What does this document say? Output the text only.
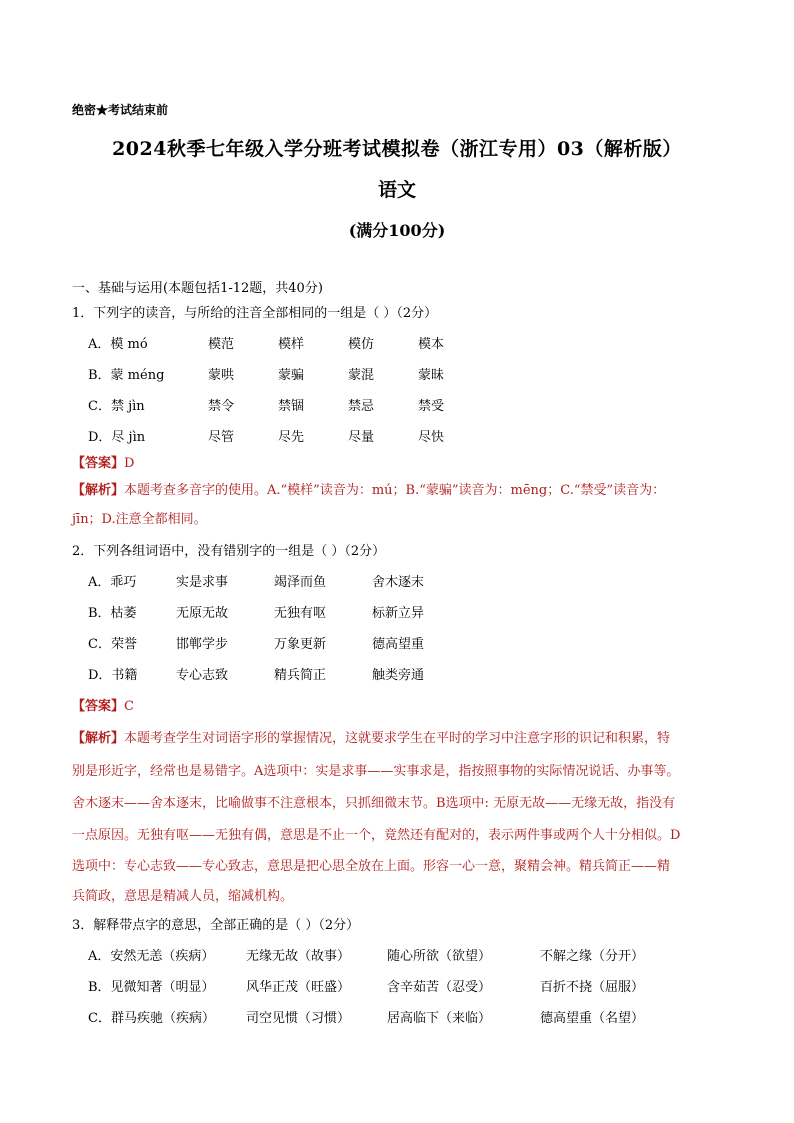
绝密★考试结束前
2024秋季七年级入学分班考试模拟卷（浙江专用）03（解析版）
语文
(满分100分)
一、基础与运用(本题包括1-12题，共40分)
1．下列字的读音，与所给的注音全部相同的一组是（ ）（2分）
A．模 mó	模范	模样	模仿	模本
B．蒙 méng	蒙哄	蒙骗	蒙混	蒙昧
C．禁 jìn	禁令	禁锢	禁忌	禁受
D．尽 jìn	尽管	尽先	尽量	尽快
【答案】D
【解析】本题考查多音字的使用。A.“模样”读音为：mú；B.“蒙骗”读音为：mēng；C.“禁受”读音为：
jīn；D.注意全都相同。
2．下列各组词语中，没有错别字的一组是（ ）（2分）
A．乖巧	实是求事	竭泽而鱼	舍木逐末
B．枯萎	无原无故	无独有呕	标新立异
C．荣誉	邯郸学步	万象更新	德高望重
D．书籍	专心志致	精兵简正	触类旁通
【答案】C
【解析】本题考查学生对词语字形的掌握情况，这就要求学生在平时的学习中注意字形的识记和积累，特
别是形近字，经常也是易错字。A选项中：实是求事——实事求是，指按照事物的实际情况说话、办事等。
舍木逐末——舍本逐末，比喻做事不注意根本，只抓细微末节。B选项中: 无原无故——无缘无故，指没有
一点原因。无独有呕——无独有偶，意思是不止一个，竟然还有配对的，表示两件事或两个人十分相似。D
选项中：专心志致——专心致志，意思是把心思全放在上面。形容一心一意，聚精会神。精兵简正——精
兵简政，意思是精减人员，缩减机构。
3．解释带点字的意思，全部正确的是（ ）（2分）
A．安然无恙（疾病） 无缘无故（故事）	随心所欲（欲望）	不解之缘（分开）
B．见微知著（明显） 风华正茂（旺盛）	含辛茹苦（忍受）	百折不挠（屈服）
C．群马疾驰（疾病） 司空见惯（习惯）	居高临下（来临）	德高望重（名望）
